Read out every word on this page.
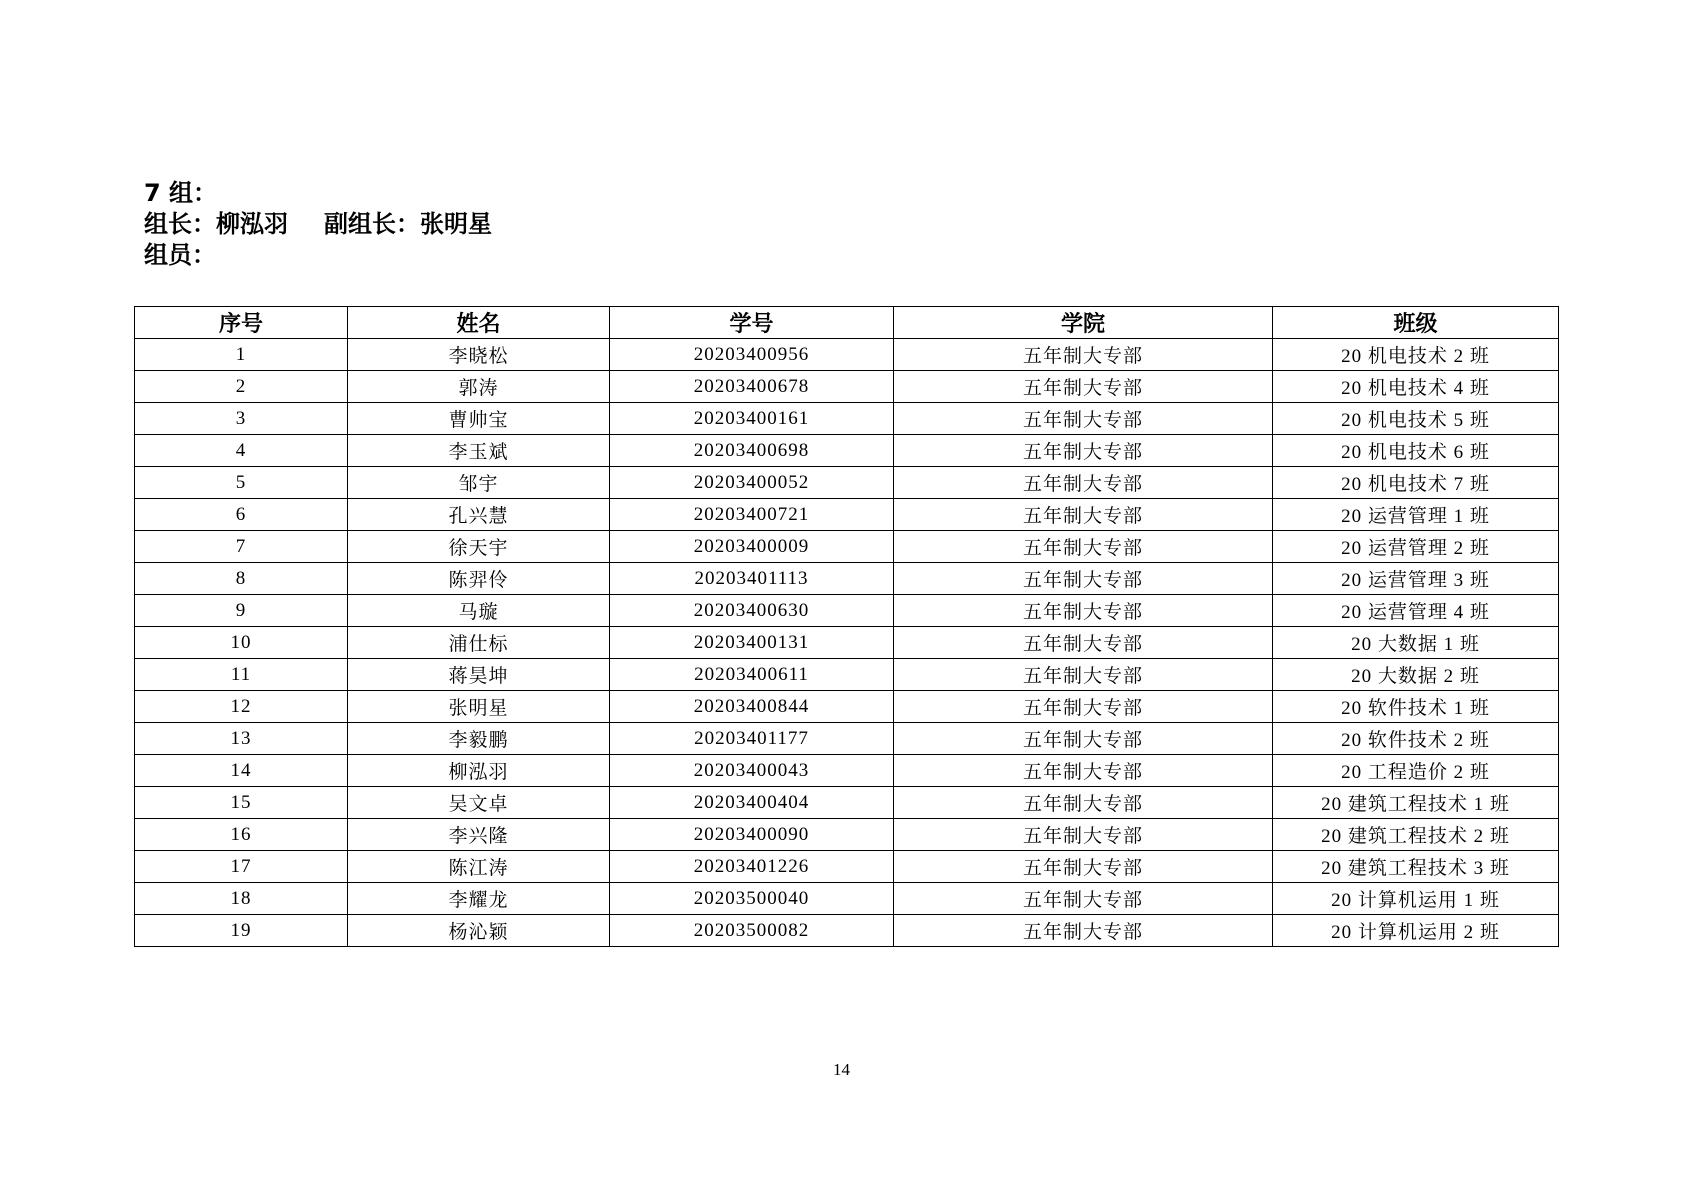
7 组：
组长：柳泓羽 副组长：张明星
组员：
序号	姓名	学号	学院	班级
1	李晓松	20203400956	五年制大专部	20 机电技术 2 班
2	郭涛	20203400678	五年制大专部	20 机电技术 4 班
3	曹帅宝	20203400161	五年制大专部	20 机电技术 5 班
4	李玉斌	20203400698	五年制大专部	20 机电技术 6 班
5	邹宇	20203400052	五年制大专部	20 机电技术 7 班
6	孔兴慧	20203400721	五年制大专部	20 运营管理 1 班
7	徐天宇	20203400009	五年制大专部	20 运营管理 2 班
8	陈羿伶	20203401113	五年制大专部	20 运营管理 3 班
9	马璇	20203400630	五年制大专部	20 运营管理 4 班
10	浦仕标	20203400131	五年制大专部	20 大数据 1 班
11	蒋昊坤	20203400611	五年制大专部	20 大数据 2 班
12	张明星	20203400844	五年制大专部	20 软件技术 1 班
13	李毅鹏	20203401177	五年制大专部	20 软件技术 2 班
14	柳泓羽	20203400043	五年制大专部	20 工程造价 2 班
15	吴文卓	20203400404	五年制大专部	20 建筑工程技术 1 班
16	李兴隆	20203400090	五年制大专部	20 建筑工程技术 2 班
17	陈江涛	20203401226	五年制大专部	20 建筑工程技术 3 班
18	李耀龙	20203500040	五年制大专部	20 计算机运用 1 班
19	杨沁颖	20203500082	五年制大专部	20 计算机运用 2 班
14
